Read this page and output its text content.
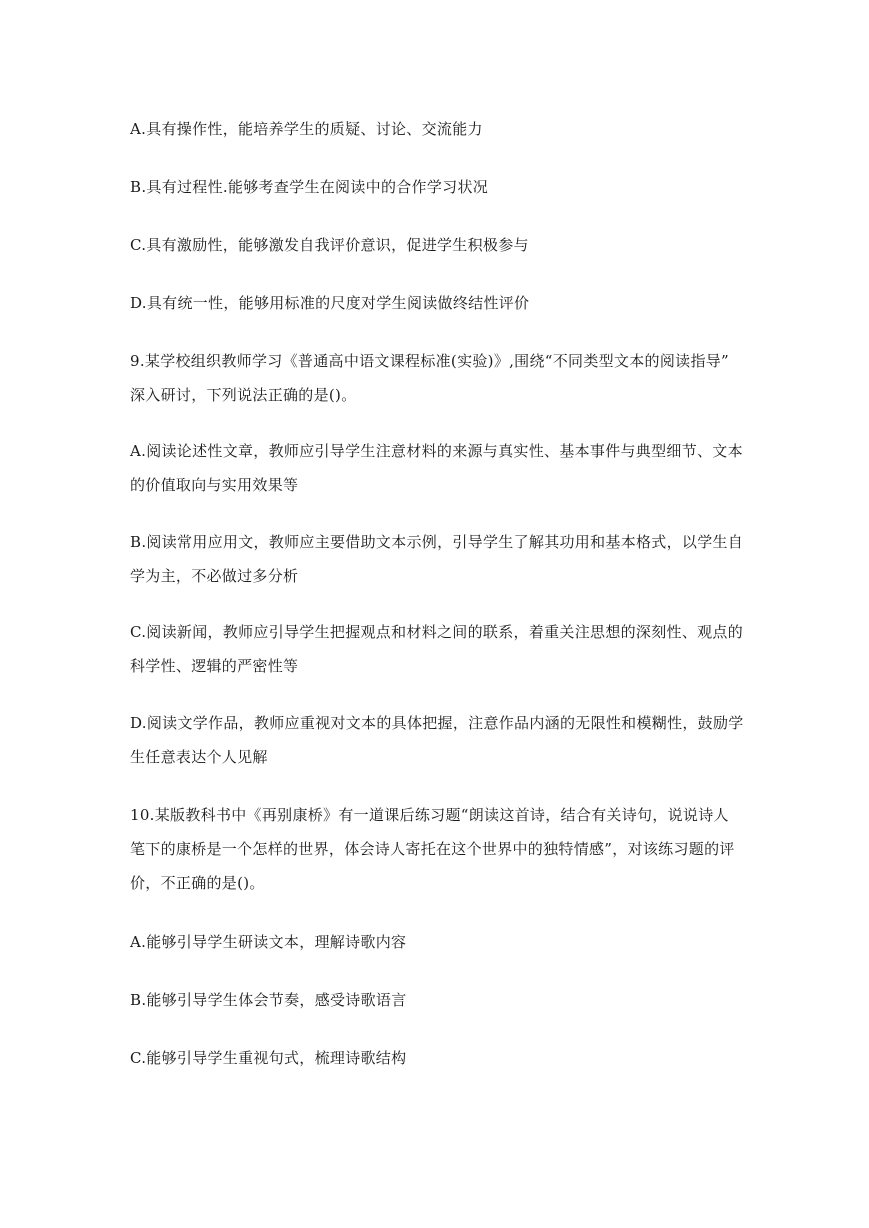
A.具有操作性，能培养学生的质疑、讨论、交流能力

B.具有过程性.能够考查学生在阅读中的合作学习状况

C.具有激励性，能够激发自我评价意识，促进学生积极参与

D.具有统一性，能够用标准的尺度对学生阅读做终结性评价

9.某学校组织教师学习《普通高中语文课程标准(实验)》,围绕“不同类型文本的阅读指导”
深入研讨，下列说法正确的是()。

A.阅读论述性文章，教师应引导学生注意材料的来源与真实性、基本事件与典型细节、文本
的价值取向与实用效果等

B.阅读常用应用文，教师应主要借助文本示例，引导学生了解其功用和基本格式，以学生自
学为主，不必做过多分析

C.阅读新闻，教师应引导学生把握观点和材料之间的联系，着重关注思想的深刻性、观点的
科学性、逻辑的严密性等

D.阅读文学作品，教师应重视对文本的具体把握，注意作品内涵的无限性和模糊性，鼓励学
生任意表达个人见解

10.某版教科书中《再别康桥》有一道课后练习题“朗读这首诗，结合有关诗句，说说诗人
笔下的康桥是一个怎样的世界，体会诗人寄托在这个世界中的独特情感”，对该练习题的评
价，不正确的是()。

A.能够引导学生研读文本，理解诗歌内容

B.能够引导学生体会节奏，感受诗歌语言

C.能够引导学生重视句式，梳理诗歌结构
